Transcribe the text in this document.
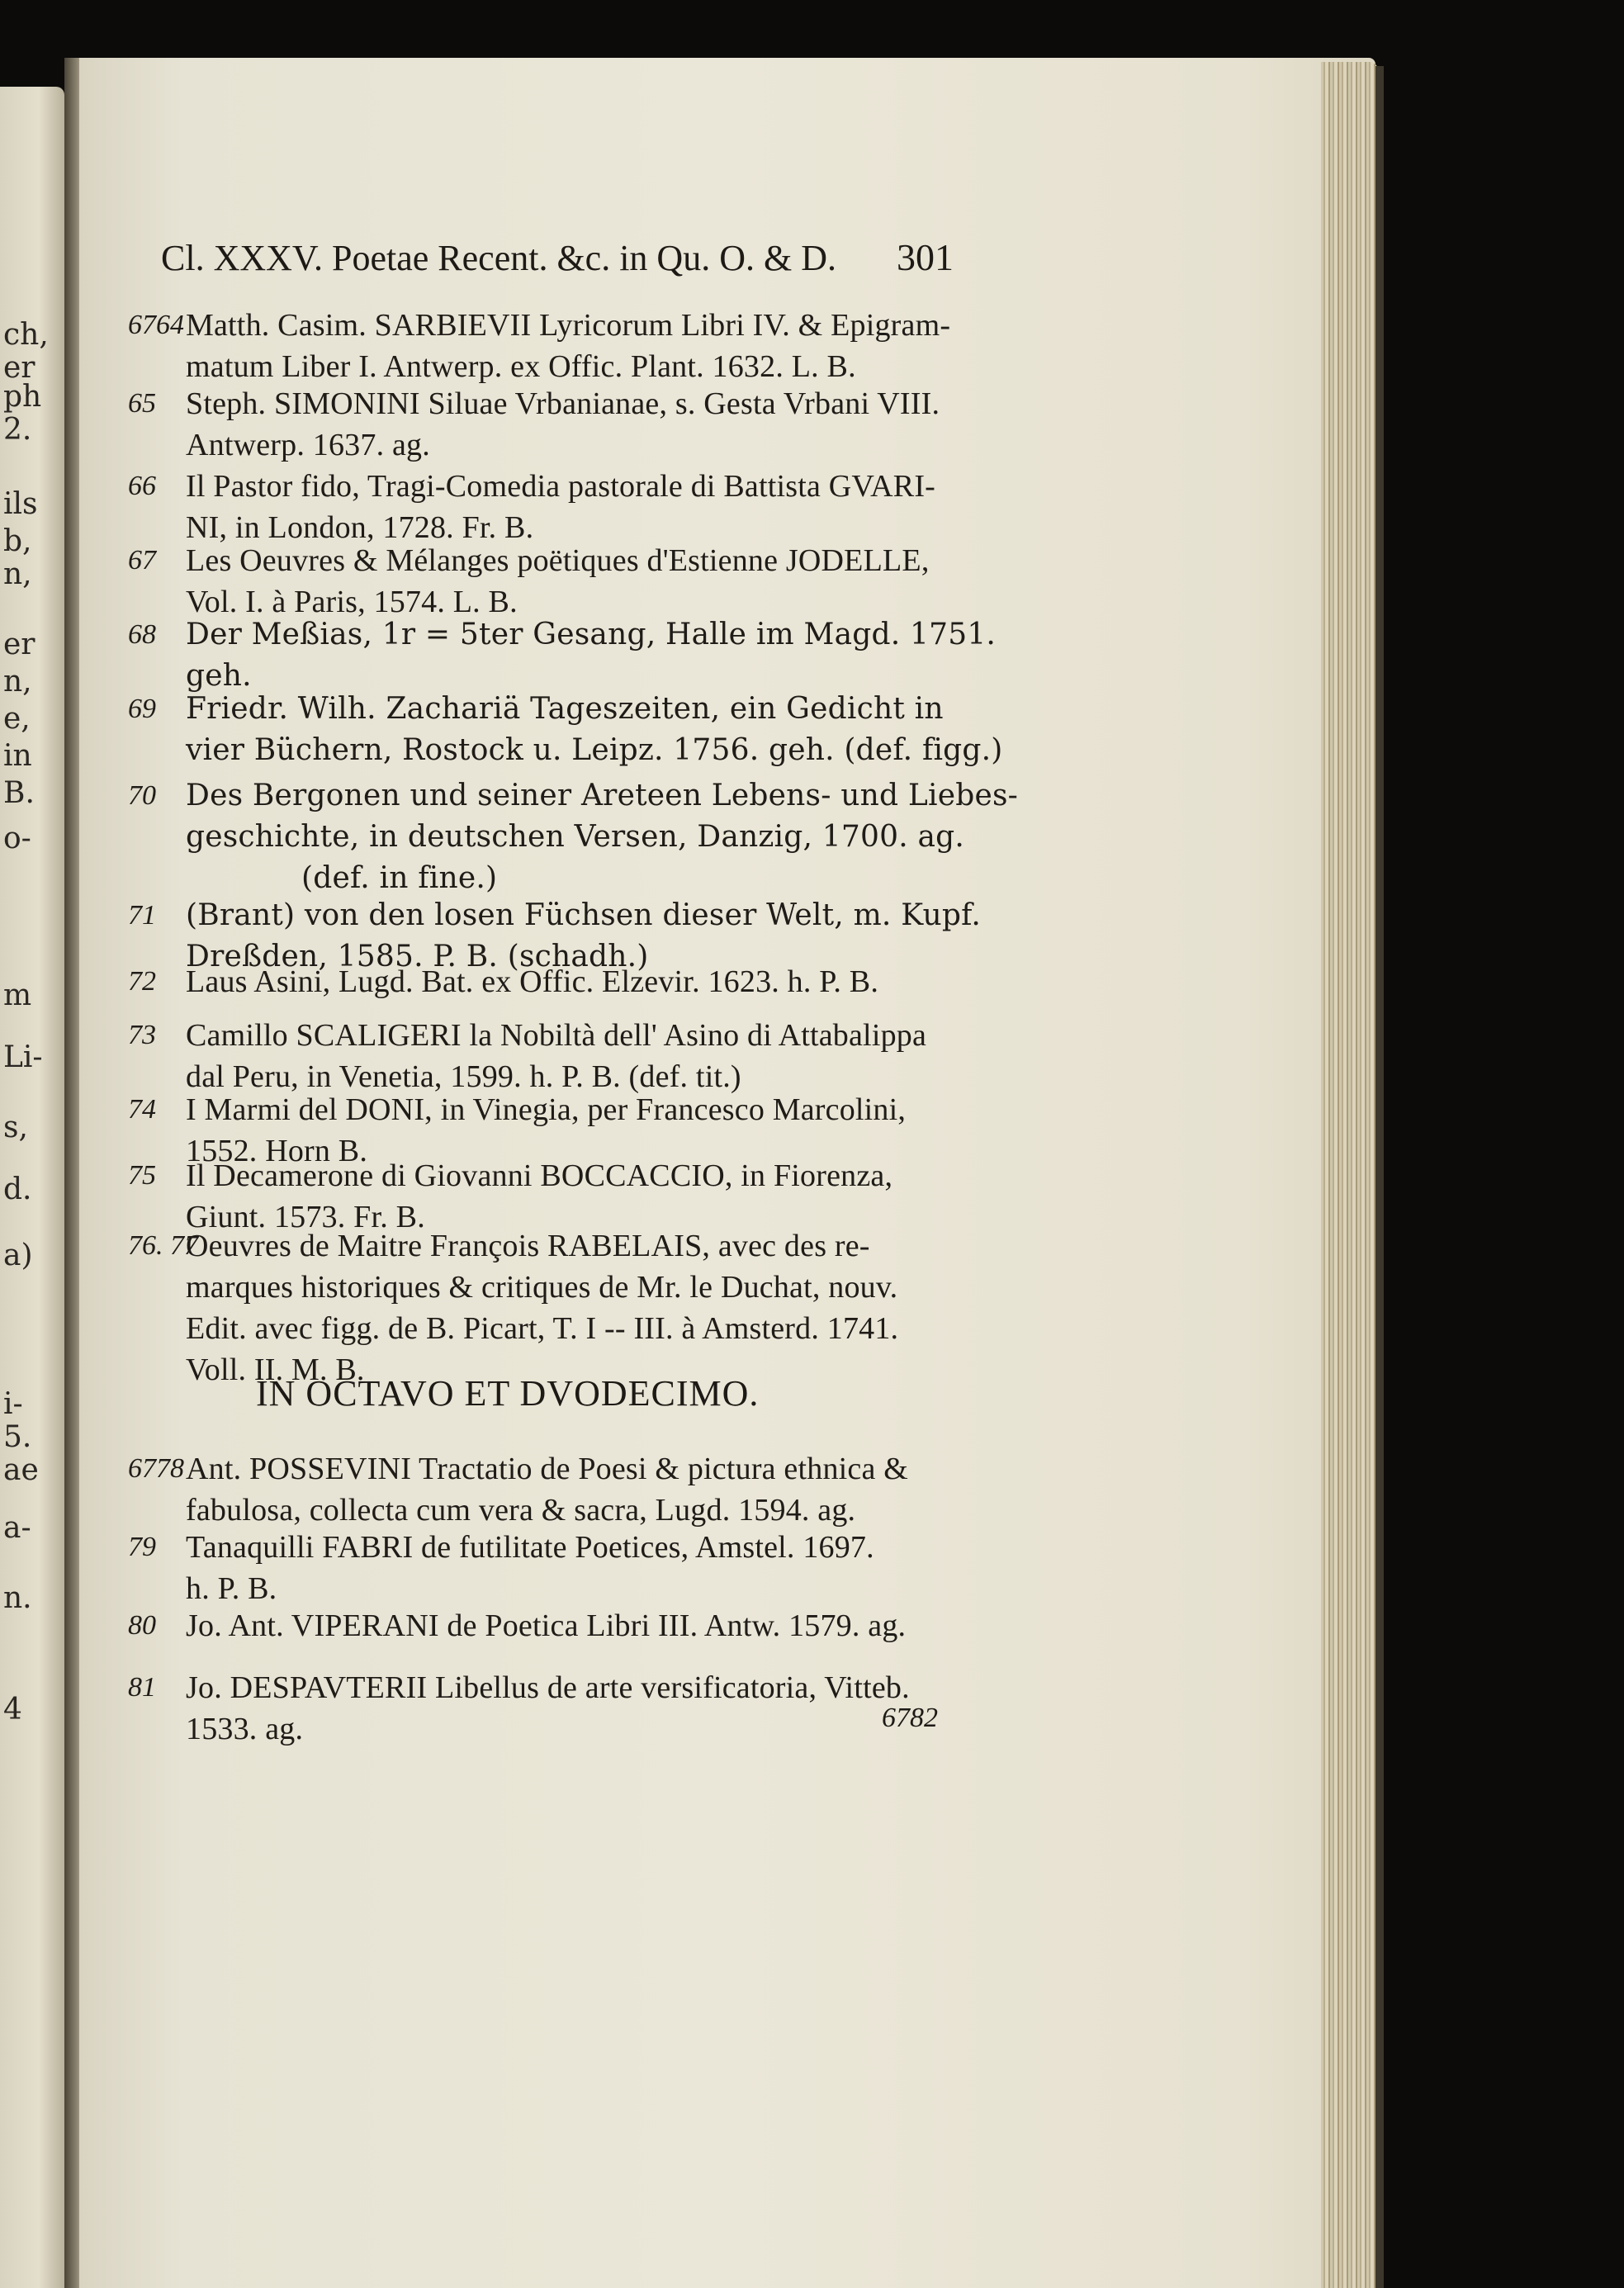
ch,
er
ph
2.
ils
b,
n,
er
n,
e,
in
B.
o-
m
Li-
s,
d.
a)
i-
5.
ae
a-
n.
4
Cl. XXXV. Poetae Recent. &c. in Qu. O. & D. 301
6764 Matth. Casim. SARBIEVII Lyricorum Libri IV. & Epigram-
matum Liber I. Antwerp. ex Offic. Plant. 1632. L. B.
65 Steph. SIMONINI Siluae Vrbanianae, s. Gesta Vrbani VIII.
Antwerp. 1637. ag.
66 Il Pastor fido, Tragi-Comedia pastorale di Battista GVARI-
NI, in London, 1728. Fr. B.
67 Les Oeuvres & Mélanges poëtiques d'Estienne JODELLE,
Vol. I. à Paris, 1574. L. B.
68	Der Meßias, 1r = 5ter Gesang, Halle im Magd. 1751.
geh.
69	Friedr. Wilh. Zachariä Tageszeiten, ein Gedicht in
vier Büchern, Rostock u. Leipz. 1756. geh. (def. figg.)
70	Des Bergonen und seiner Areteen Lebens- und Liebes-
geschichte, in deutschen Versen, Danzig, 1700. ag.
(def. in fine.)
71	(Brant) von den losen Füchsen dieser Welt, m. Kupf.
Dreßden, 1585. P. B. (schadh.)
72 Laus Asini, Lugd. Bat. ex Offic. Elzevir. 1623. h. P. B.
73 Camillo SCALIGERI la Nobiltà dell' Asino di Attabalippa
dal Peru, in Venetia, 1599. h. P. B. (def. tit.)
74 I Marmi del DONI, in Vinegia, per Francesco Marcolini,
1552. Horn B.
75 Il Decamerone di Giovanni BOCCACCIO, in Fiorenza,
Giunt. 1573. Fr. B.
76. 77
Oeuvres de Maitre François RABELAIS, avec des re-
marques historiques & critiques de Mr. le Duchat, nouv.
Edit. avec figg. de B. Picart, T. I -- III. à Amsterd. 1741.
Voll. II. M. B.
6778 Ant. POSSEVINI Tractatio de Poesi & pictura ethnica &
fabulosa, collecta cum vera & sacra, Lugd. 1594. ag.
79 Tanaquilli FABRI de futilitate Poetices, Amstel. 1697.
h. P. B.
80 Jo. Ant. VIPERANI de Poetica Libri III. Antw. 1579. ag.
81 Jo. DESPAVTERII Libellus de arte versificatoria, Vitteb.
1533. ag.
IN OCTAVO ET DVODECIMO.
6782
